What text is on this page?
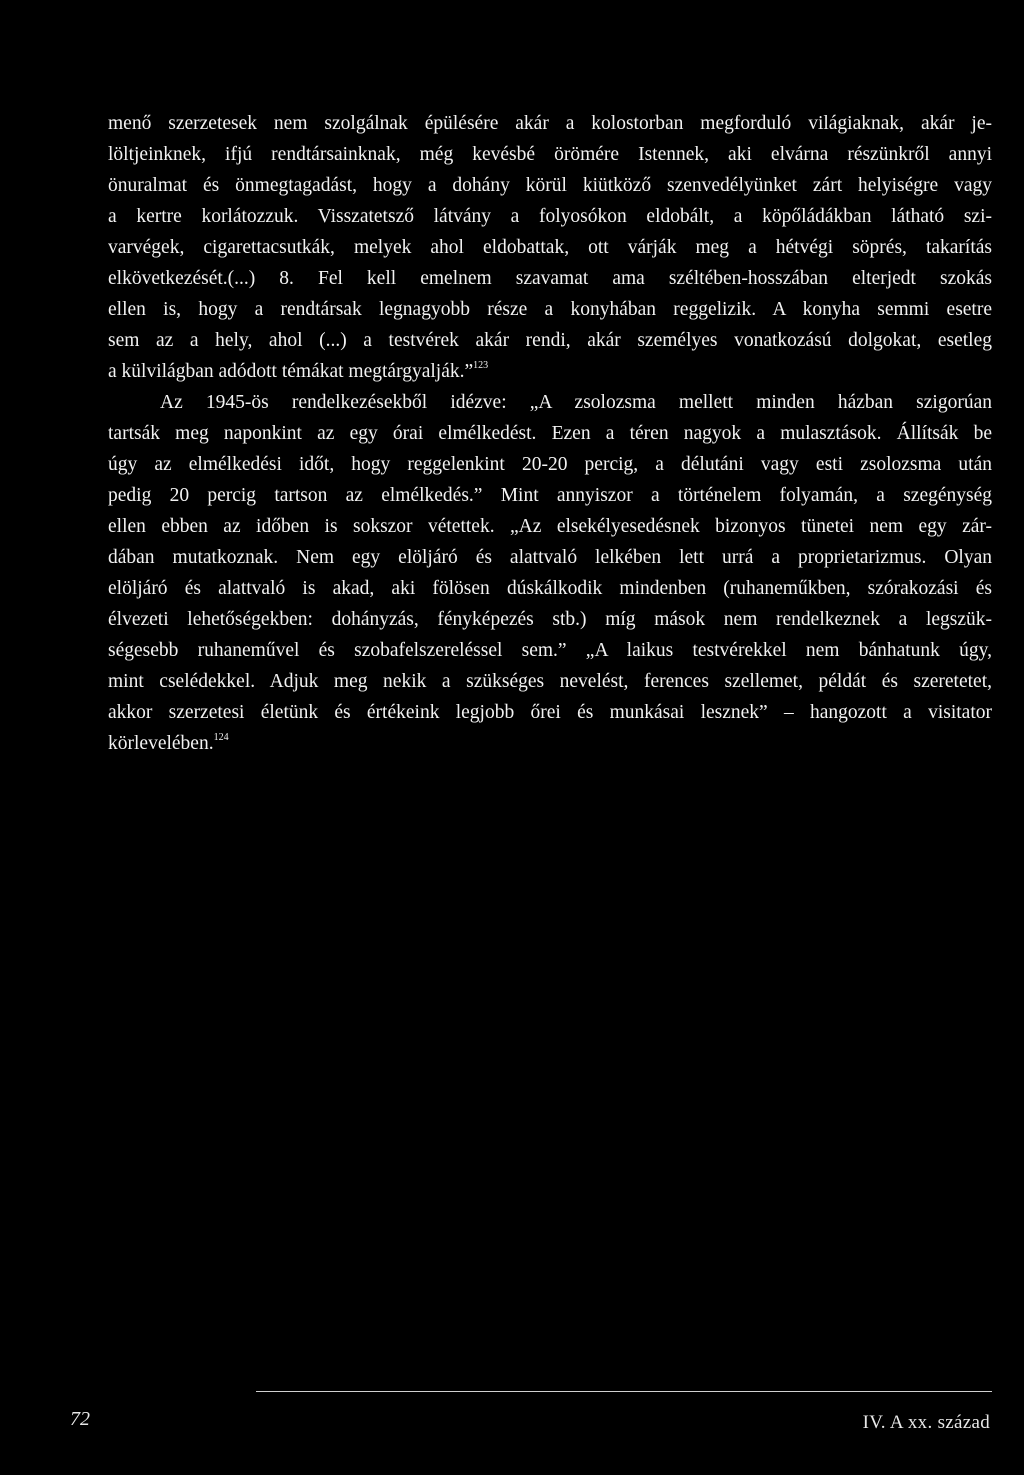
menő szerzetesek nem szolgálnak épülésére akár a kolostorban megforduló világiaknak, akár je-
löltjeinknek, ifjú rendtársainknak, még kevésbé örömére Istennek, aki elvárna részünkről annyi
önuralmat és önmegtagadást, hogy a dohány körül kiütköző szenvedélyünket zárt helyiségre vagy
a kertre korlátozzuk. Visszatetsző látvány a folyosókon eldobált, a köpőládákban látható szi-
varvégek, cigarettacsutkák, melyek ahol eldobattak, ott várják meg a hétvégi söprés, takarítás
elkövetkezését.(...) 8. Fel kell emelnem szavamat ama széltében-hosszában elterjedt szokás
ellen is, hogy a rendtársak legnagyobb része a konyhában reggelizik. A konyha semmi esetre
sem az a hely, ahol (...) a testvérek akár rendi, akár személyes vonatkozású dolgokat, esetleg
a külvilágban adódott témákat megtárgyalják.”$^{123}$
Az 1945-ös rendelkezésekből idézve: „A zsolozsma mellett minden házban szigorúan
tartsák meg naponkint az egy órai elmélkedést. Ezen a téren nagyok a mulasztások. Állítsák be
úgy az elmélkedési időt, hogy reggelenkint 20-20 percig, a délutáni vagy esti zsolozsma után
pedig 20 percig tartson az elmélkedés.” Mint annyiszor a történelem folyamán, a szegénység
ellen ebben az időben is sokszor vétettek. „Az elsekélyesedésnek bizonyos tünetei nem egy zár-
dában mutatkoznak. Nem egy elöljáró és alattvaló lelkében lett urrá a proprietarizmus. Olyan
elöljáró és alattvaló is akad, aki fölösen dúskálkodik mindenben (ruhaneműkben, szórakozási és
élvezeti lehetőségekben: dohányzás, fényképezés stb.) míg mások nem rendelkeznek a legszük-
ségesebb ruhaneművel és szobafelszereléssel sem.” „A laikus testvérekkel nem bánhatunk úgy,
mint cselédekkel. Adjuk meg nekik a szükséges nevelést, ferences szellemet, példát és szeretetet,
akkor szerzetesi életünk és értékeink legjobb őrei és munkásai lesznek” – hangozott a visitator
körlevelében.$^{124}$
72	IV. A xx. század
